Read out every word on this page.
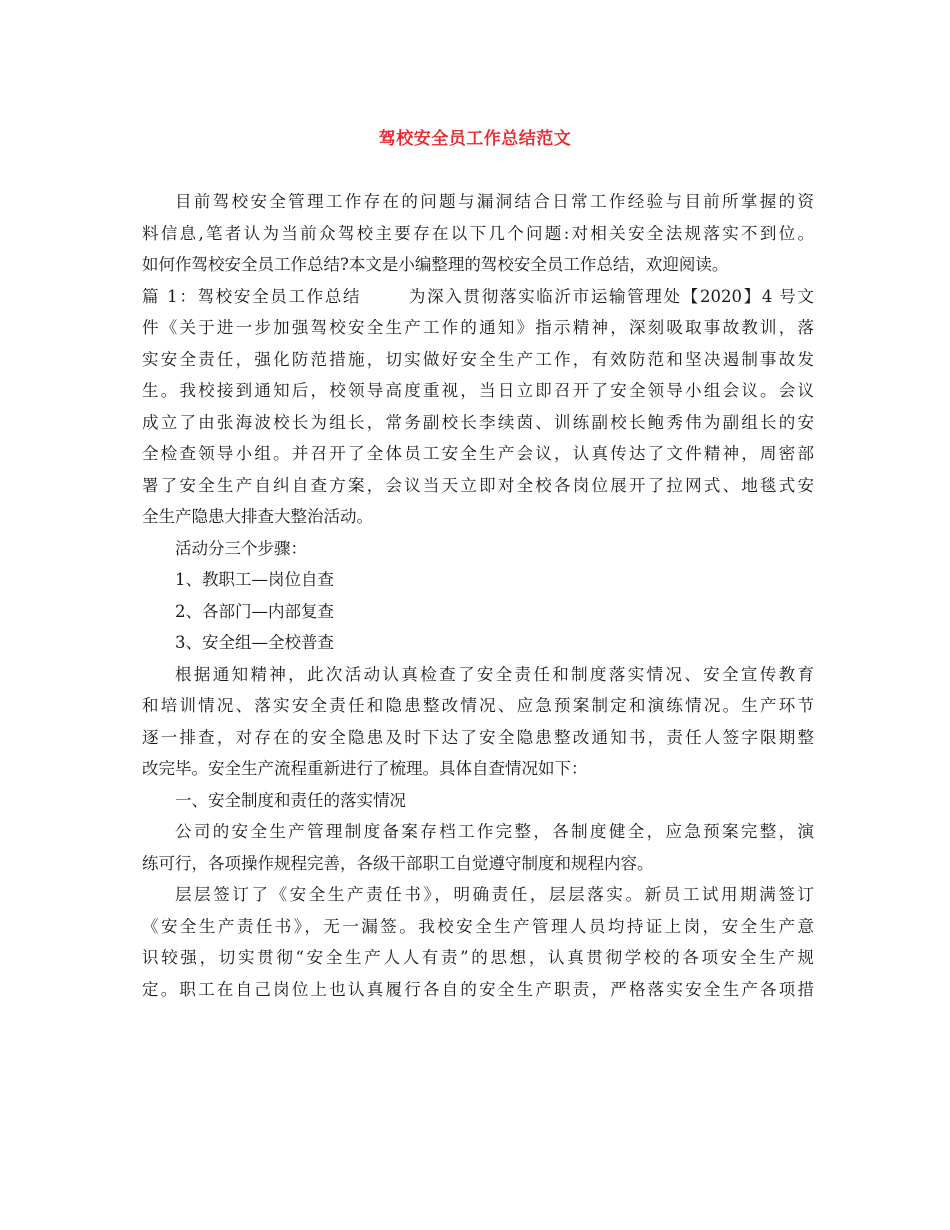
驾校安全员工作总结范文
目前驾校安全管理工作存在的问题与漏洞结合日常工作经验与目前所掌握的资
料信息,笔者认为当前众驾校主要存在以下几个问题:对相关安全法规落实不到位。
如何作驾校安全员工作总结?本文是小编整理的驾校安全员工作总结，欢迎阅读。
篇 1：驾校安全员工作总结	为深入贯彻落实临沂市运输管理处【2020】4 号文
件《关于进一步加强驾校安全生产工作的通知》指示精神，深刻吸取事故教训，落
实安全责任，强化防范措施，切实做好安全生产工作，有效防范和坚决遏制事故发
生。我校接到通知后，校领导高度重视，当日立即召开了安全领导小组会议。会议
成立了由张海波校长为组长，常务副校长李续茵、训练副校长鲍秀伟为副组长的安
全检查领导小组。并召开了全体员工安全生产会议，认真传达了文件精神，周密部
署了安全生产自纠自查方案，会议当天立即对全校各岗位展开了拉网式、地毯式安
全生产隐患大排查大整治活动。
活动分三个步骤：
1、教职工—岗位自查
2、各部门—内部复查
3、安全组—全校普查
根据通知精神，此次活动认真检查了安全责任和制度落实情况、安全宣传教育
和培训情况、落实安全责任和隐患整改情况、应急预案制定和演练情况。生产环节
逐一排查，对存在的安全隐患及时下达了安全隐患整改通知书，责任人签字限期整
改完毕。安全生产流程重新进行了梳理。具体自查情况如下：
一、安全制度和责任的落实情况
公司的安全生产管理制度备案存档工作完整，各制度健全，应急预案完整，演
练可行，各项操作规程完善，各级干部职工自觉遵守制度和规程内容。
层层签订了《安全生产责任书》，明确责任，层层落实。新员工试用期满签订
《安全生产责任书》，无一漏签。我校安全生产管理人员均持证上岗，安全生产意
识较强，切实贯彻“安全生产人人有责”的思想，认真贯彻学校的各项安全生产规
定。职工在自己岗位上也认真履行各自的安全生产职责，严格落实安全生产各项措
